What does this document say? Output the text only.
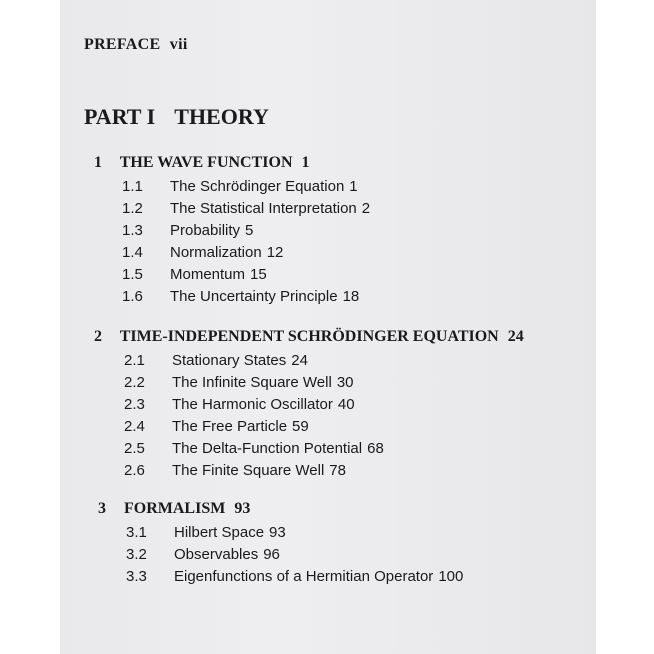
PREFACE vii
PART I THEORY
1 THE WAVE FUNCTION 1
1.1 The Schrödinger Equation 1
1.2 The Statistical Interpretation 2
1.3 Probability 5
1.4 Normalization 12
1.5 Momentum 15
1.6 The Uncertainty Principle 18
2 TIME-INDEPENDENT SCHRÖDINGER EQUATION 24
2.1 Stationary States 24
2.2 The Infinite Square Well 30
2.3 The Harmonic Oscillator 40
2.4 The Free Particle 59
2.5 The Delta-Function Potential 68
2.6 The Finite Square Well 78
3 FORMALISM 93
3.1 Hilbert Space 93
3.2 Observables 96
3.3 Eigenfunctions of a Hermitian Operator 100
